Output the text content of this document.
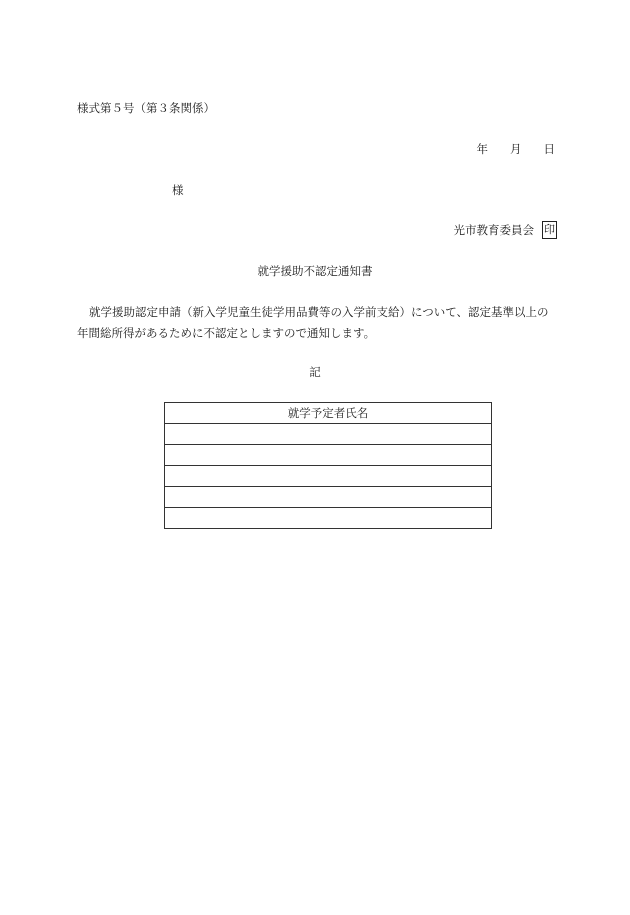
様式第５号（第３条関係）
年 月 日
様
光市教育委員会 印
就学援助不認定通知書
就学援助認定申請（新入学児童生徒学用品費等の入学前支給）について、認定基準以上の年間総所得があるために不認定としますので通知します。
記
就学予定者氏名
